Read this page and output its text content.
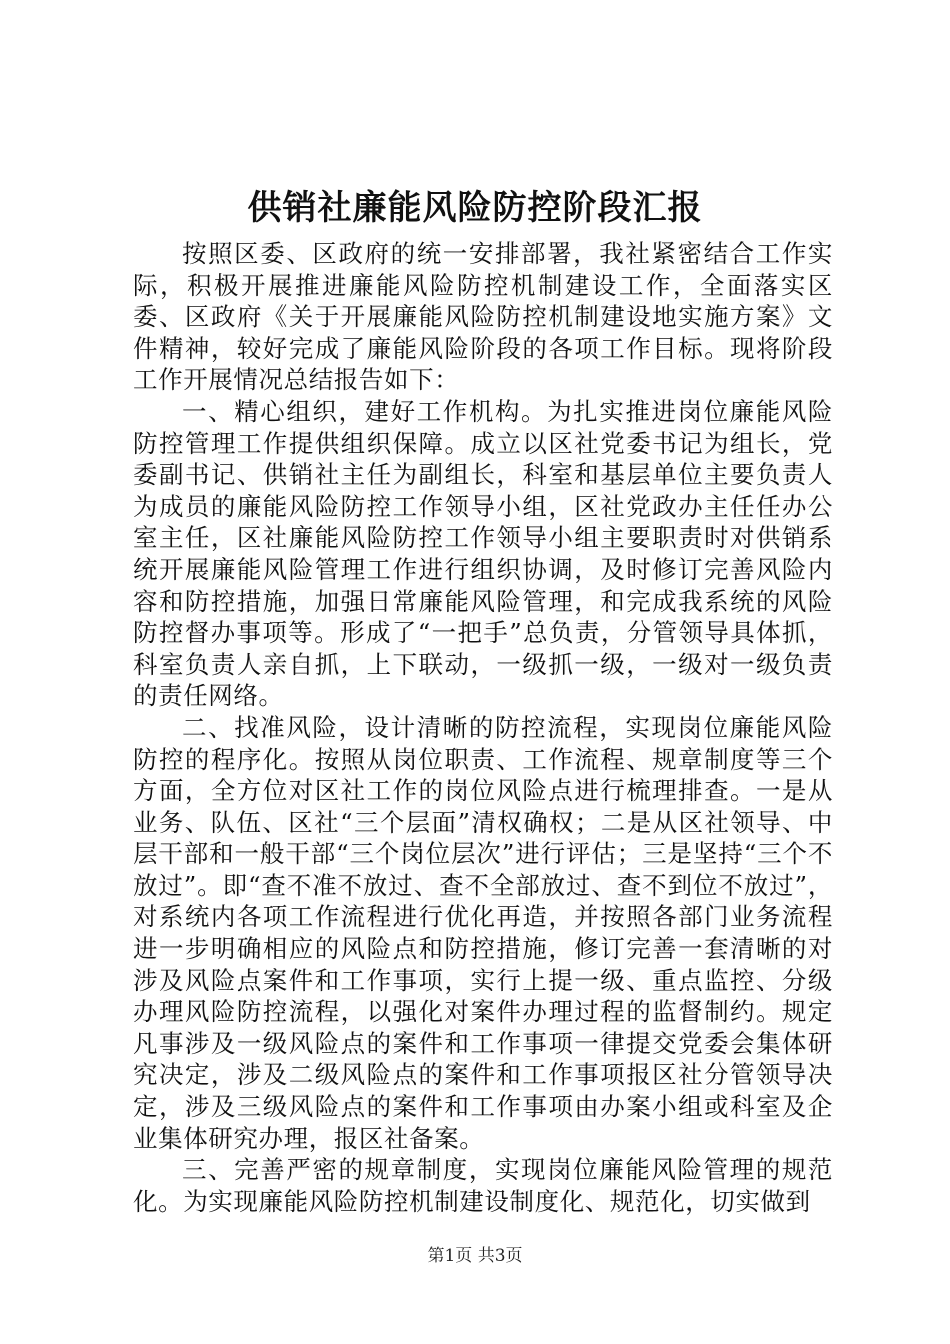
供销社廉能风险防控阶段汇报

按照区委、区政府的统一安排部署，我社紧密结合工作实际，积极开展推进廉能风险防控机制建设工作，全面落实区委、区政府《关于开展廉能风险防控机制建设地实施方案》文件精神，较好完成了廉能风险阶段的各项工作目标。现将阶段工作开展情况总结报告如下：

一、精心组织，建好工作机构。为扎实推进岗位廉能风险防控管理工作提供组织保障。成立以区社党委书记为组长，党委副书记、供销社主任为副组长，科室和基层单位主要负责人为成员的廉能风险防控工作领导小组，区社党政办主任任办公室主任，区社廉能风险防控工作领导小组主要职责时对供销系统开展廉能风险管理工作进行组织协调，及时修订完善风险内容和防控措施，加强日常廉能风险管理，和完成我系统的风险防控督办事项等。形成了“一把手”总负责，分管领导具体抓，科室负责人亲自抓，上下联动，一级抓一级，一级对一级负责的责任网络。

二、找准风险，设计清晰的防控流程，实现岗位廉能风险防控的程序化。按照从岗位职责、工作流程、规章制度等三个方面，全方位对区社工作的岗位风险点进行梳理排查。一是从业务、队伍、区社“三个层面”清权确权；二是从区社领导、中层干部和一般干部“三个岗位层次”进行评估；三是坚持“三个不放过”。即“查不准不放过、查不全部放过、查不到位不放过”，对系统内各项工作流程进行优化再造，并按照各部门业务流程进一步明确相应的风险点和防控措施，修订完善一套清晰的对涉及风险点案件和工作事项，实行上提一级、重点监控、分级办理风险防控流程，以强化对案件办理过程的监督制约。规定凡事涉及一级风险点的案件和工作事项一律提交党委会集体研究决定，涉及二级风险点的案件和工作事项报区社分管领导决定，涉及三级风险点的案件和工作事项由办案小组或科室及企业集体研究办理，报区社备案。

三、完善严密的规章制度，实现岗位廉能风险管理的规范化。为实现廉能风险防控机制建设制度化、规范化，切实做到

第1页 共3页
